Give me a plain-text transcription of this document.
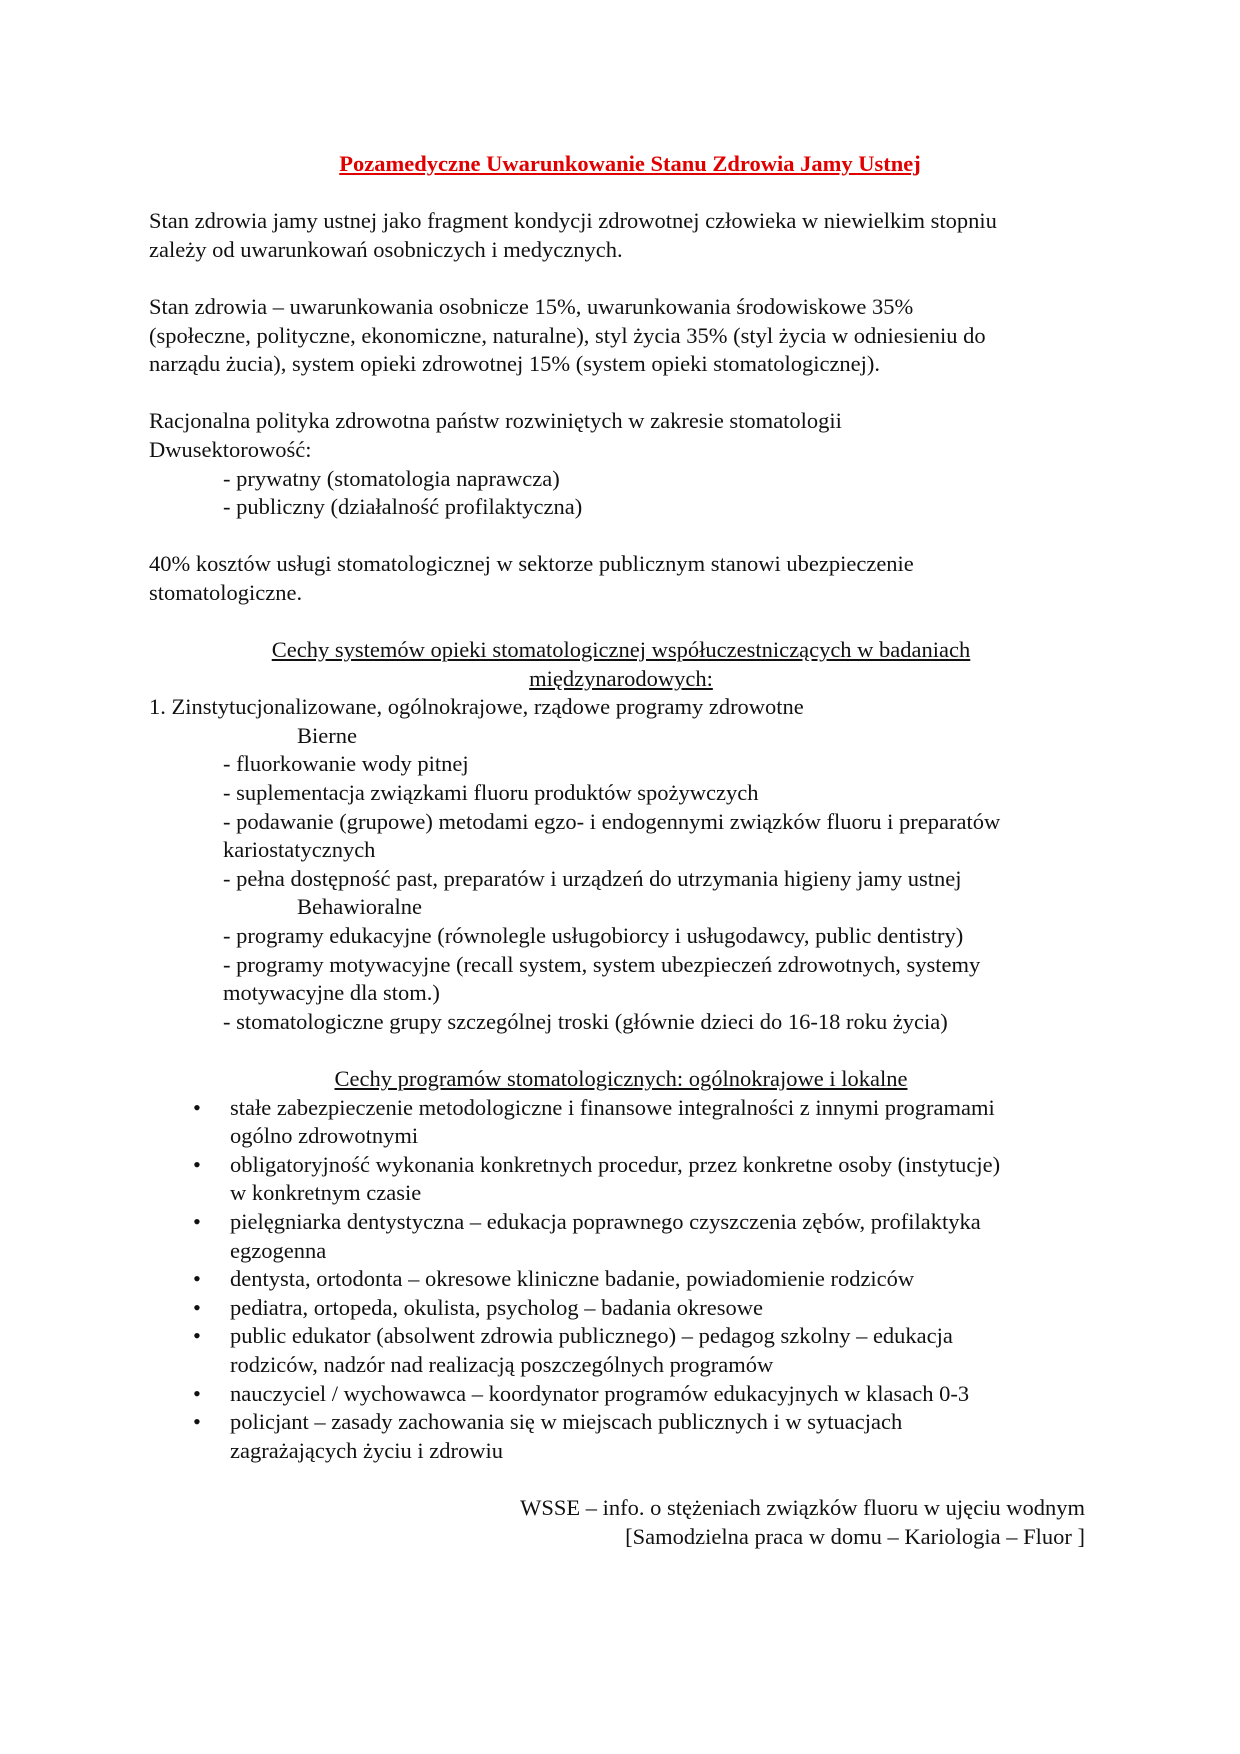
Pozamedyczne Uwarunkowanie Stanu Zdrowia Jamy Ustnej
Stan zdrowia jamy ustnej jako fragment kondycji zdrowotnej człowieka w niewielkim stopniu
zależy od uwarunkowań osobniczych i medycznych.
Stan zdrowia – uwarunkowania osobnicze 15%, uwarunkowania środowiskowe 35%
(społeczne, polityczne, ekonomiczne, naturalne), styl życia 35% (styl życia w odniesieniu do
narządu żucia), system opieki zdrowotnej 15% (system opieki stomatologicznej).
Racjonalna polityka zdrowotna państw rozwiniętych w zakresie stomatologii
Dwusektorowość:
- prywatny (stomatologia naprawcza)
- publiczny (działalność profilaktyczna)
40% kosztów usługi stomatologicznej w sektorze publicznym stanowi ubezpieczenie
stomatologiczne.
Cechy systemów opieki stomatologicznej współuczestniczących w badaniach
międzynarodowych:
1. Zinstytucjonalizowane, ogólnokrajowe, rządowe programy zdrowotne
Bierne
- fluorkowanie wody pitnej
- suplementacja związkami fluoru produktów spożywczych
- podawanie (grupowe) metodami egzo- i endogennymi związków fluoru i preparatów
kariostatycznych
- pełna dostępność past, preparatów i urządzeń do utrzymania higieny jamy ustnej
Behawioralne
- programy edukacyjne (równolegle usługobiorcy i usługodawcy, public dentistry)
- programy motywacyjne (recall system, system ubezpieczeń zdrowotnych, systemy
motywacyjne dla stom.)
- stomatologiczne grupy szczególnej troski (głównie dzieci do 16-18 roku życia)
Cechy programów stomatologicznych: ogólnokrajowe i lokalne
• stałe zabezpieczenie metodologiczne i finansowe integralności z innymi programami
ogólno zdrowotnymi
• obligatoryjność wykonania konkretnych procedur, przez konkretne osoby (instytucje)
w konkretnym czasie
• pielęgniarka dentystyczna – edukacja poprawnego czyszczenia zębów, profilaktyka
egzogenna
• dentysta, ortodonta – okresowe kliniczne badanie, powiadomienie rodziców
• pediatra, ortopeda, okulista, psycholog – badania okresowe
• public edukator (absolwent zdrowia publicznego) – pedagog szkolny – edukacja
rodziców, nadzór nad realizacją poszczególnych programów
• nauczyciel / wychowawca – koordynator programów edukacyjnych w klasach 0-3
• policjant – zasady zachowania się w miejscach publicznych i w sytuacjach
zagrażających życiu i zdrowiu
WSSE – info. o stężeniach związków fluoru w ujęciu wodnym
[Samodzielna praca w domu – Kariologia – Fluor ]
